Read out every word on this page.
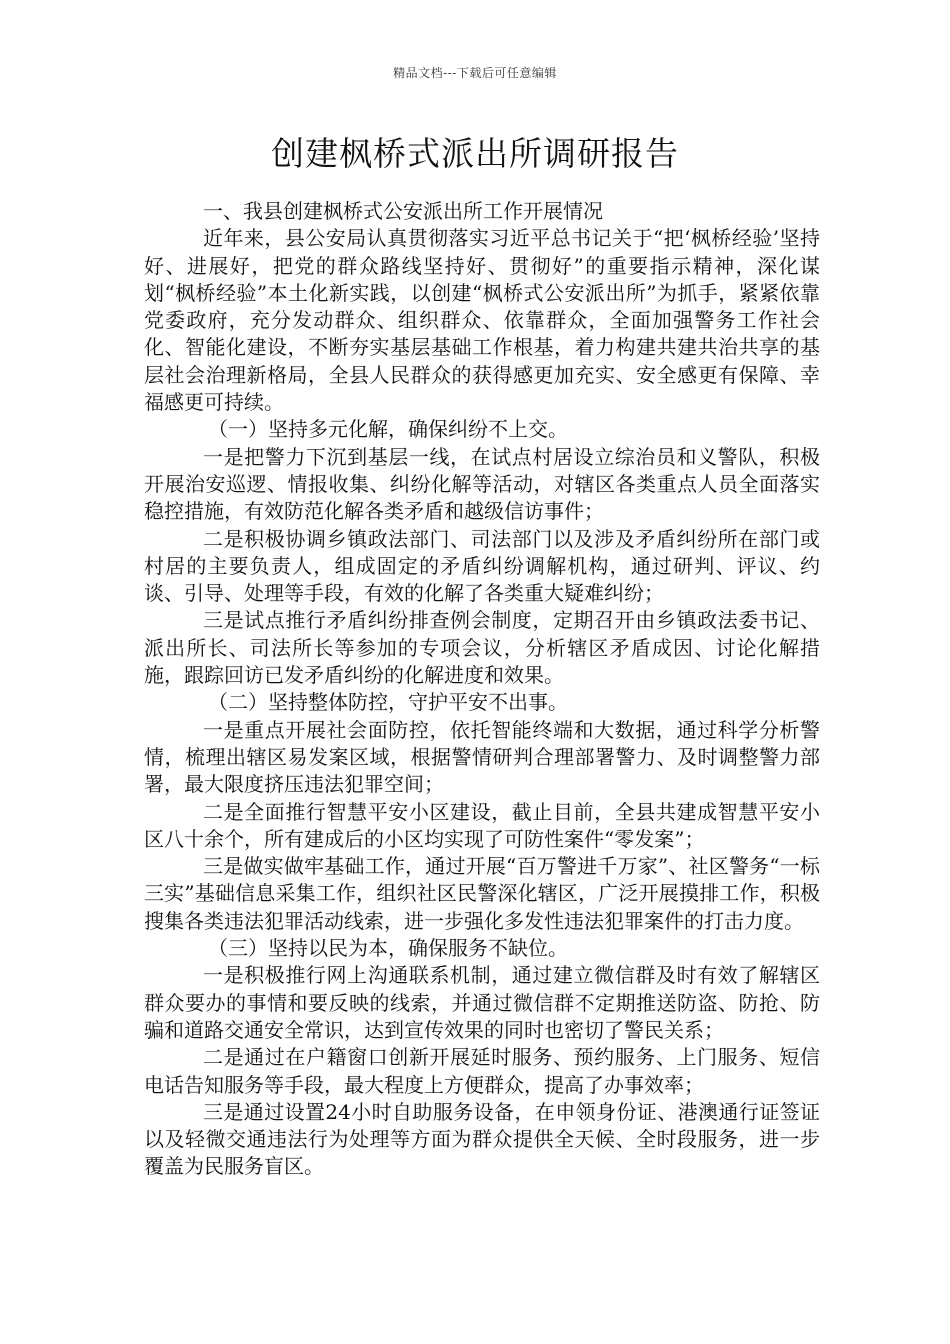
精品文档---下载后可任意编辑
创建枫桥式派出所调研报告

一、我县创建枫桥式公安派出所工作开展情况

近年来，县公安局认真贯彻落实习近平总书记关于“把‘枫桥经验’坚持好、进展好，把党的群众路线坚持好、贯彻好”的重要指示精神，深化谋划“枫桥经验”本土化新实践，以创建“枫桥式公安派出所”为抓手，紧紧依靠党委政府，充分发动群众、组织群众、依靠群众，全面加强警务工作社会化、智能化建设，不断夯实基层基础工作根基，着力构建共建共治共享的基层社会治理新格局，全县人民群众的获得感更加充实、安全感更有保障、幸福感更可持续。

（一）坚持多元化解，确保纠纷不上交。

一是把警力下沉到基层一线，在试点村居设立综治员和义警队，积极开展治安巡逻、情报收集、纠纷化解等活动，对辖区各类重点人员全面落实稳控措施，有效防范化解各类矛盾和越级信访事件；

二是积极协调乡镇政法部门、司法部门以及涉及矛盾纠纷所在部门或村居的主要负责人，组成固定的矛盾纠纷调解机构，通过研判、评议、约谈、引导、处理等手段，有效的化解了各类重大疑难纠纷；

三是试点推行矛盾纠纷排查例会制度，定期召开由乡镇政法委书记、派出所长、司法所长等参加的专项会议，分析辖区矛盾成因、讨论化解措施，跟踪回访已发矛盾纠纷的化解进度和效果。

（二）坚持整体防控，守护平安不出事。

一是重点开展社会面防控，依托智能终端和大数据，通过科学分析警情，梳理出辖区易发案区域，根据警情研判合理部署警力、及时调整警力部署，最大限度挤压违法犯罪空间；

二是全面推行智慧平安小区建设，截止目前，全县共建成智慧平安小区八十余个，所有建成后的小区均实现了可防性案件“零发案”；

三是做实做牢基础工作，通过开展“百万警进千万家”、社区警务“一标三实”基础信息采集工作，组织社区民警深化辖区，广泛开展摸排工作，积极搜集各类违法犯罪活动线索，进一步强化多发性违法犯罪案件的打击力度。

（三）坚持以民为本，确保服务不缺位。

一是积极推行网上沟通联系机制，通过建立微信群及时有效了解辖区群众要办的事情和要反映的线索，并通过微信群不定期推送防盗、防抢、防骗和道路交通安全常识，达到宣传效果的同时也密切了警民关系；

二是通过在户籍窗口创新开展延时服务、预约服务、上门服务、短信电话告知服务等手段，最大程度上方便群众，提高了办事效率；

三是通过设置24小时自助服务设备，在申领身份证、港澳通行证签证以及轻微交通违法行为处理等方面为群众提供全天候、全时段服务，进一步覆盖为民服务盲区。
